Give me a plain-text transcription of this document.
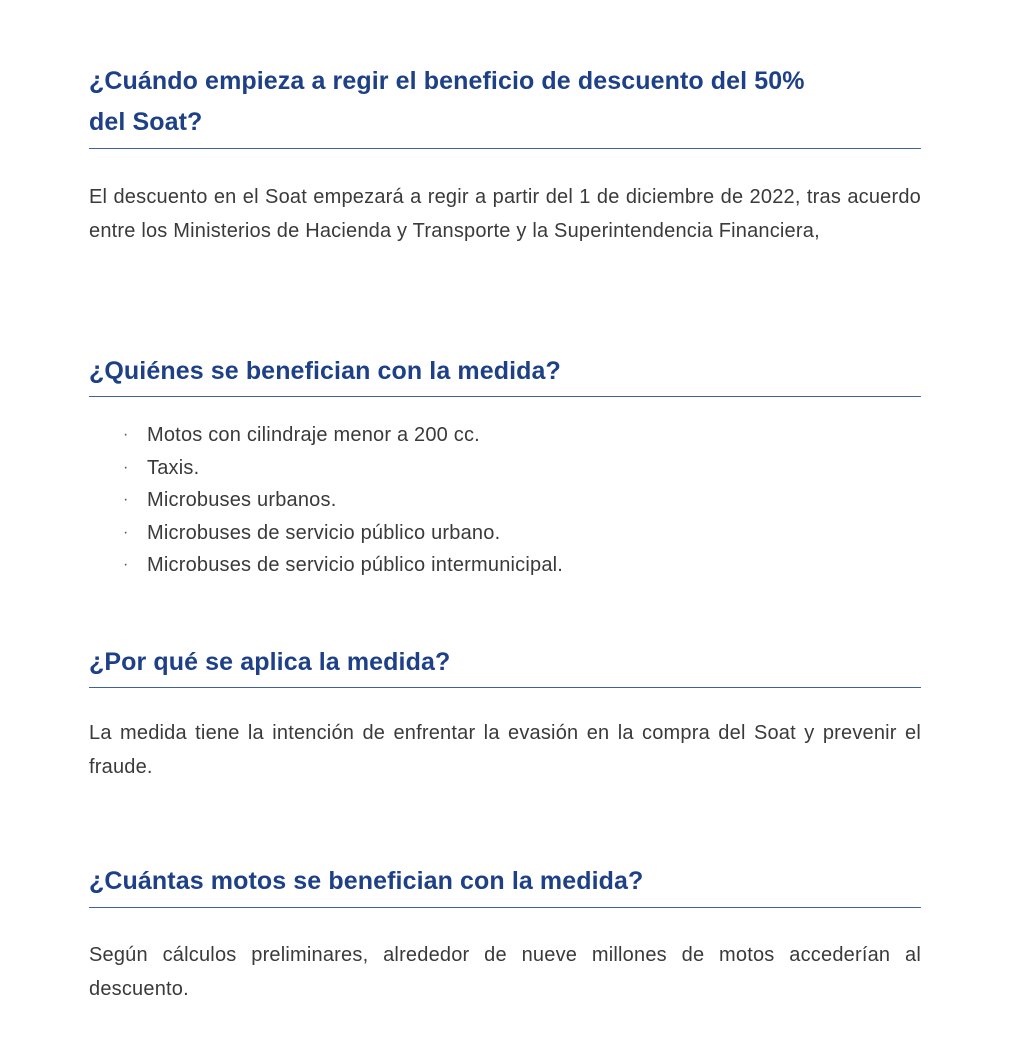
¿Cuándo empieza a regir el beneficio de descuento del 50%
del Soat?

El descuento en el Soat empezará a regir a partir del 1 de diciembre de 2022, tras acuerdo entre los Ministerios de Hacienda y Transporte y la Superintendencia Financiera,

¿Quiénes se benefician con la medida?
· Motos con cilindraje menor a 200 cc.
· Taxis.
· Microbuses urbanos.
· Microbuses de servicio público urbano.
· Microbuses de servicio público intermunicipal.
¿Por qué se aplica la medida?

La medida tiene la intención de enfrentar la evasión en la compra del Soat y prevenir el fraude.

¿Cuántas motos se benefician con la medida?

Según cálculos preliminares, alrededor de nueve millones de motos accederían al descuento.
